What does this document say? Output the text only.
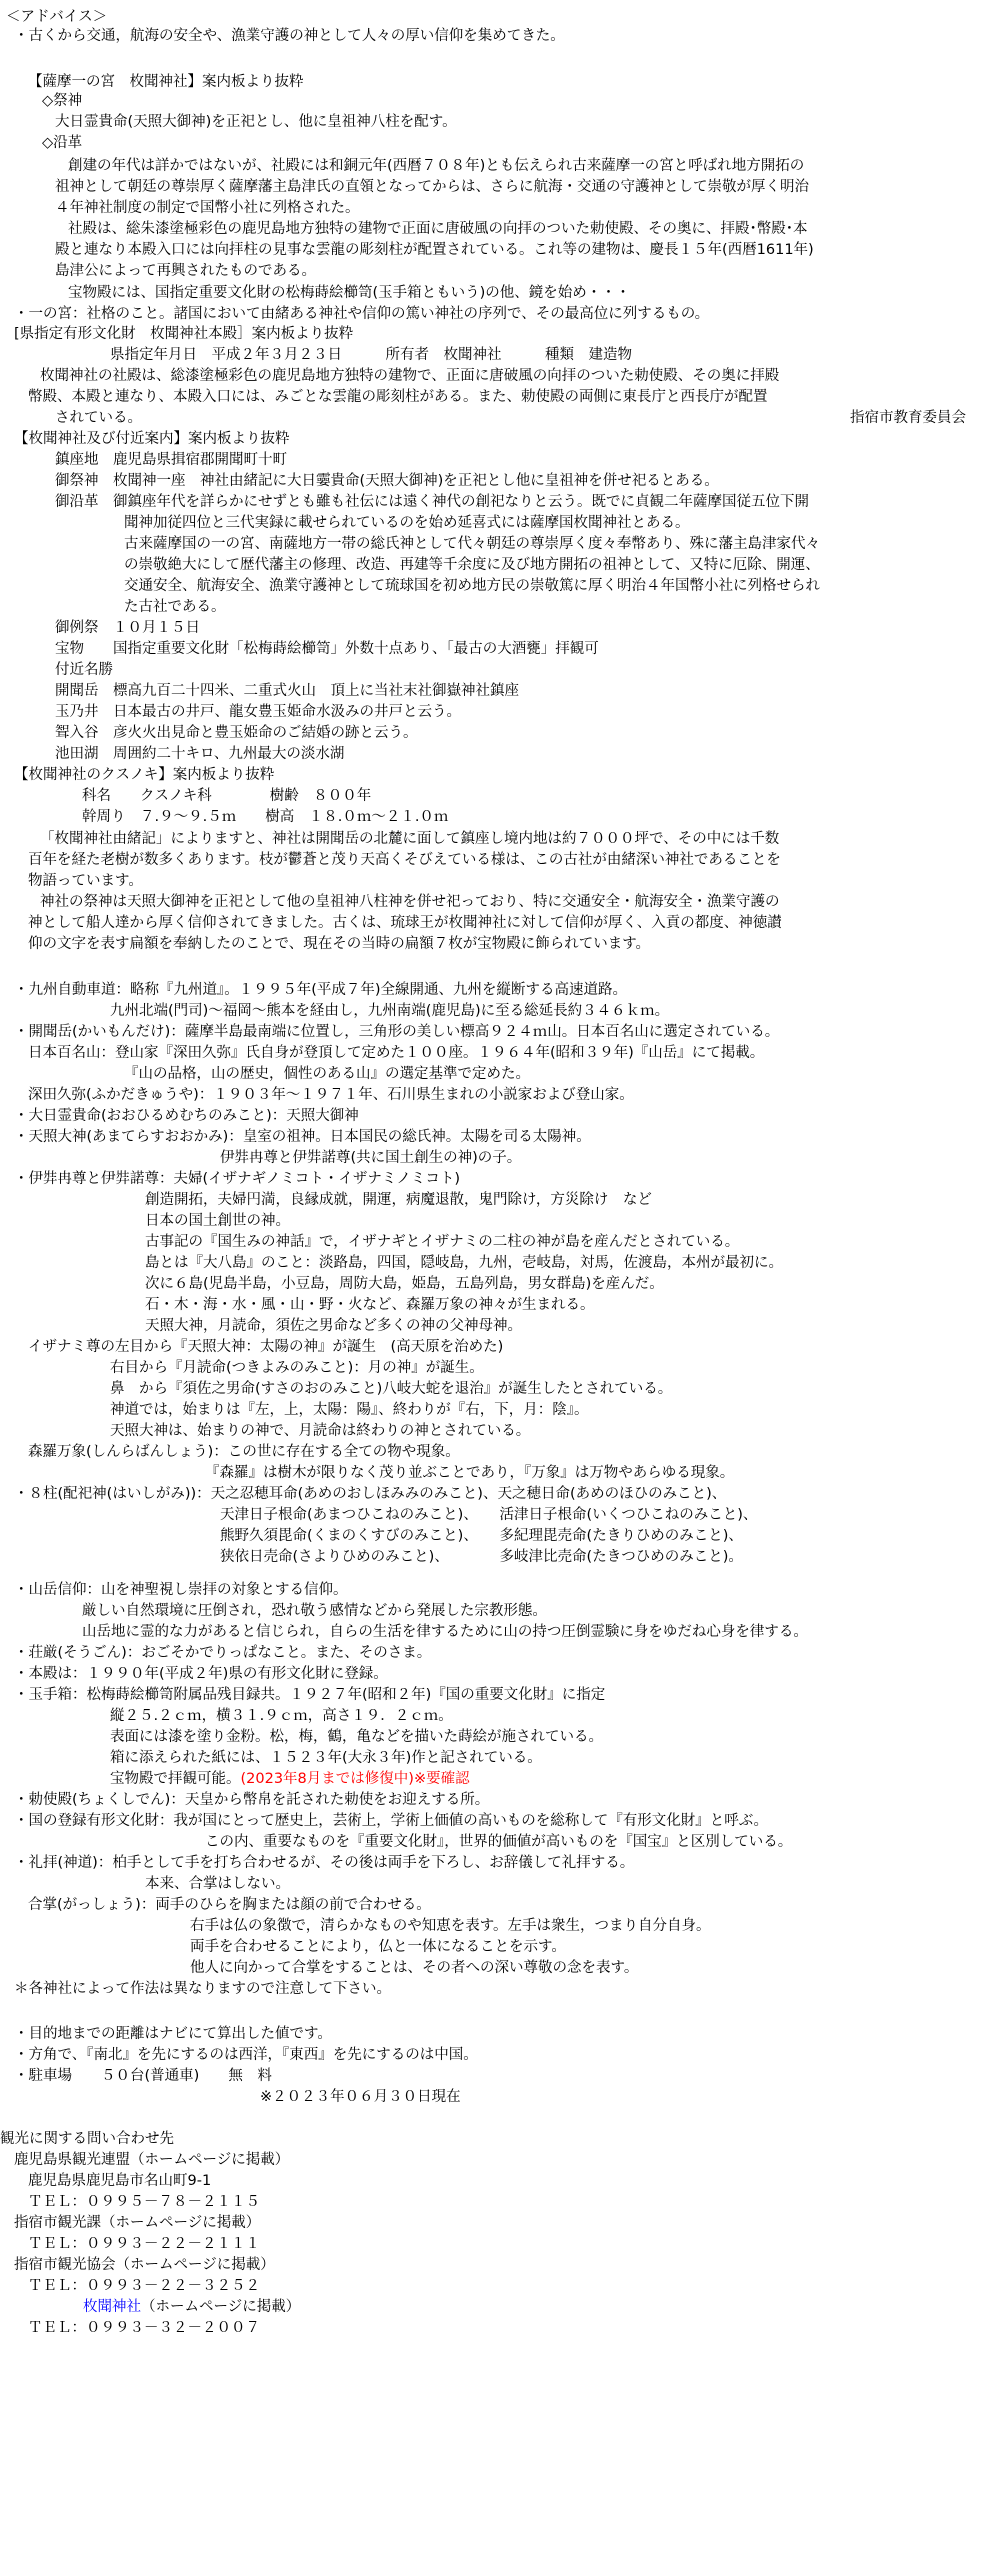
＜アドバイス＞
・古くから交通，航海の安全や、漁業守護の神として人々の厚い信仰を集めてきた。
【薩摩一の宮　枚聞神社】案内板より抜粋
◇祭神
大日霊貴命(天照大御神)を正祀とし、他に皇祖神八柱を配す。
◇沿革
創建の年代は詳かではないが、社殿には和銅元年(西暦７０８年)とも伝えられ古来薩摩一の宮と呼ばれ地方開拓の
祖神として朝廷の尊崇厚く薩摩藩主島津氏の直領となってからは、さらに航海・交通の守護神として崇敬が厚く明治
４年神社制度の制定で国幣小社に列格された。
社殿は、総朱漆塗極彩色の鹿児島地方独特の建物で正面に唐破風の向拝のついた勅使殿、その奥に、拝殿･幣殿･本
殿と連なり本殿入口には向拝柱の見事な雲龍の彫刻柱が配置されている。これ等の建物は、慶長１５年(西暦1611年)
島津公によって再興されたものである。
宝物殿には、国指定重要文化財の松梅蒔絵櫛笥(玉手箱ともいう)の他、鏡を始め・・・
・一の宮：社格のこと。諸国において由緒ある神社や信仰の篤い神社の序列で、その最高位に列するもの。
[県指定有形文化財　枚聞神社本殿］案内板より抜粋
県指定年月日　平成２年３月２３日　　　所有者　枚聞神社　　　種類　建造物
枚聞神社の社殿は、総漆塗極彩色の鹿児島地方独特の建物で、正面に唐破風の向拝のついた勅使殿、その奥に拝殿
幣殿、本殿と連なり、本殿入口には、みごとな雲龍の彫刻柱がある。また、勅使殿の両側に東長庁と西長庁が配置
されている。	指宿市教育委員会
【枚聞神社及び付近案内】案内板より抜粋
鎮座地　鹿児島県揖宿郡開聞町十町
御祭神　枚聞神一座　神社由緒記に大日孁貴命(天照大御神)を正祀とし他に皇祖神を併せ祀るとある。
御沿革　御鎮座年代を詳らかにせずとも雖も社伝には遠く神代の創祀なりと云う。既でに貞観二年薩摩国従五位下開
聞神加従四位と三代実録に載せられているのを始め延喜式には薩摩国枚聞神社とある。
古来薩摩国の一の宮、南薩地方一帯の総氏神として代々朝廷の尊崇厚く度々奉幣あり、殊に藩主島津家代々
の崇敬絶大にして歴代藩主の修理、改造、再建等千余度に及び地方開拓の祖神として、又特に厄除、開運、
交通安全、航海安全、漁業守護神として琉球国を初め地方民の崇敬篤に厚く明治４年国幣小社に列格せられ
た古社である。
御例祭　１０月１５日
宝物　　国指定重要文化財「松梅蒔絵櫛笥」外数十点あり、「最古の大酒甕」拝観可
付近名勝
開聞岳　標高九百二十四米、二重式火山　頂上に当社末社御嶽神社鎮座
玉乃井　日本最古の井戸、龍女豊玉姫命水汲みの井戸と云う。
聟入谷　彦火火出見命と豊玉姫命のご結婚の跡と云う。
池田湖　周囲約二十キロ、九州最大の淡水湖
【枚聞神社のクスノキ】案内板より抜粋
科名　　クスノキ科　　　　樹齢　８００年
幹周り　７.９～９.５ｍ　　樹高　１８.０ｍ～２１.０ｍ
「枚聞神社由緒記」によりますと、神社は開聞岳の北麓に面して鎮座し境内地は約７０００坪で、その中には千数
百年を経た老樹が数多くあります。枝が鬱蒼と茂り天高くそびえている様は、この古社が由緒深い神社であることを
物語っています。
神社の祭神は天照大御神を正祀として他の皇祖神八柱神を併せ祀っており、特に交通安全・航海安全・漁業守護の
神として船人達から厚く信仰されてきました。古くは、琉球王が枚聞神社に対して信仰が厚く、入貢の都度、神徳讃
仰の文字を表す扁額を奉納したのことで、現在その当時の扁額７枚が宝物殿に飾られています。
・九州自動車道：略称『九州道』。１９９５年(平成７年)全線開通、九州を縦断する高速道路。
九州北端(門司)～福岡～熊本を経由し，九州南端(鹿児島)に至る総延長約３４６ｋｍ。
・開聞岳(かいもんだけ)：薩摩半島最南端に位置し，三角形の美しい標高９２４ｍ山。日本百名山に選定されている。
日本百名山：登山家『深田久弥』氏自身が登頂して定めた１００座。１９６４年(昭和３９年)『山岳』にて掲載。
『山の品格，山の歴史，個性のある山』の選定基準で定めた。
深田久弥(ふかだきゅうや)：１９０３年～１９７１年、石川県生まれの小説家および登山家。
・大日霊貴命(おおひるめむちのみこと)：天照大御神
・天照大神(あまてらすおおかみ)：皇室の祖神。日本国民の総氏神。太陽を司る太陽神。
伊弉冉尊と伊弉諾尊(共に国土創生の神)の子。
・伊弉冉尊と伊弉諾尊：夫婦(イザナギノミコト・イザナミノミコト)
創造開拓，夫婦円満，良縁成就，開運，病魔退散，鬼門除け，方災除け　など
日本の国土創世の神。
古事記の『国生みの神話』で，イザナギとイザナミの二柱の神が島を産んだとされている。
島とは『大八島』のこと：淡路島，四国，隠岐島，九州，壱岐島，対馬，佐渡島，本州が最初に。
次に６島(児島半島，小豆島，周防大島，姫島，五島列島，男女群島)を産んだ。
石・木・海・水・風・山・野・火など、森羅万象の神々が生まれる。
天照大神，月読命，須佐之男命など多くの神の父神母神。
イザナミ尊の左目から『天照大神：太陽の神』が誕生　(高天原を治めた)
右目から『月読命(つきよみのみこと)：月の神』が誕生。
鼻　から『須佐之男命(すさのおのみこと)八岐大蛇を退治』が誕生したとされている。
神道では，始まりは『左，上，太陽：陽』、終わりが『右，下，月：陰』。
天照大神は、始まりの神で、月読命は終わりの神とされている。
森羅万象(しんらばんしょう)：この世に存在する全ての物や現象。
『森羅』は樹木が限りなく茂り並ぶことであり，『万象』は万物やあらゆる現象。
・８柱(配祀神(はいしがみ))：天之忍穂耳命(あめのおしほみみのみこと)、天之穂日命(あめのほひのみこと)、
天津日子根命(あまつひこねのみこと)、　　活津日子根命(いくつひこねのみこと)、
熊野久須毘命(くまのくすびのみこと)、　　多紀理毘売命(たきりひめのみこと)、
狭依日売命(さよりひめのみこと)、　　　　多岐津比売命(たきつひめのみこと)。
・山岳信仰：山を神聖視し崇拝の対象とする信仰。
厳しい自然環境に圧倒され，恐れ敬う感情などから発展した宗教形態。
山岳地に霊的な力があると信じられ，自らの生活を律するために山の持つ圧倒霊験に身をゆだね心身を律する。
・荘厳(そうごん)：おごそかでりっぱなこと。また、そのさま。
・本殿は：１９９０年(平成２年)県の有形文化財に登録。
・玉手箱：松梅蒔絵櫛笥附属品残目録共。１９２７年(昭和２年)『国の重要文化財』に指定
縦２５.２ｃｍ，横３１.９ｃｍ，高さ１９．２ｃｍ。
表面には漆を塗り金粉。松，梅，鶴，亀などを描いた蒔絵が施されている。
箱に添えられた紙には、１５２３年(大永３年)作と記されている。
宝物殿で拝観可能。(2023年8月までは修復中)※要確認
・勅使殿(ちょくしでん)：天皇から幣帛を託された勅使をお迎えする所。
・国の登録有形文化財：我が国にとって歴史上，芸術上，学術上価値の高いものを総称して『有形文化財』と呼ぶ。
この内、重要なものを『重要文化財』，世界的価値が高いものを『国宝』と区別している。
・礼拝(神道)：柏手として手を打ち合わせるが、その後は両手を下ろし、お辞儀して礼拝する。
本来、合掌はしない。
合掌(がっしょう)：両手のひらを胸または顔の前で合わせる。
右手は仏の象徴で，清らかなものや知恵を表す。左手は衆生，つまり自分自身。
両手を合わせることにより，仏と一体になることを示す。
他人に向かって合掌をすることは、その者への深い尊敬の念を表す。
＊各神社によって作法は異なりますので注意して下さい。
・目的地までの距離はナビにて算出した値です。
・方角で、『南北』を先にするのは西洋，『東西』を先にするのは中国。
・駐車場　　５０台(普通車)　　無　料
※２０２３年０６月３０日現在
観光に関する問い合わせ先
鹿児島県観光連盟（ホームページに掲載）
鹿児島県鹿児島市名山町9-1
ＴＥＬ：０９９５－７８－２１１５
指宿市観光課（ホームページに掲載）
ＴＥＬ：０９９３－２２－２１１１
指宿市観光協会（ホームページに掲載）
ＴＥＬ：０９９３－２２－３２５２
枚聞神社（ホームページに掲載）
ＴＥＬ：０９９３－３２－２００７
